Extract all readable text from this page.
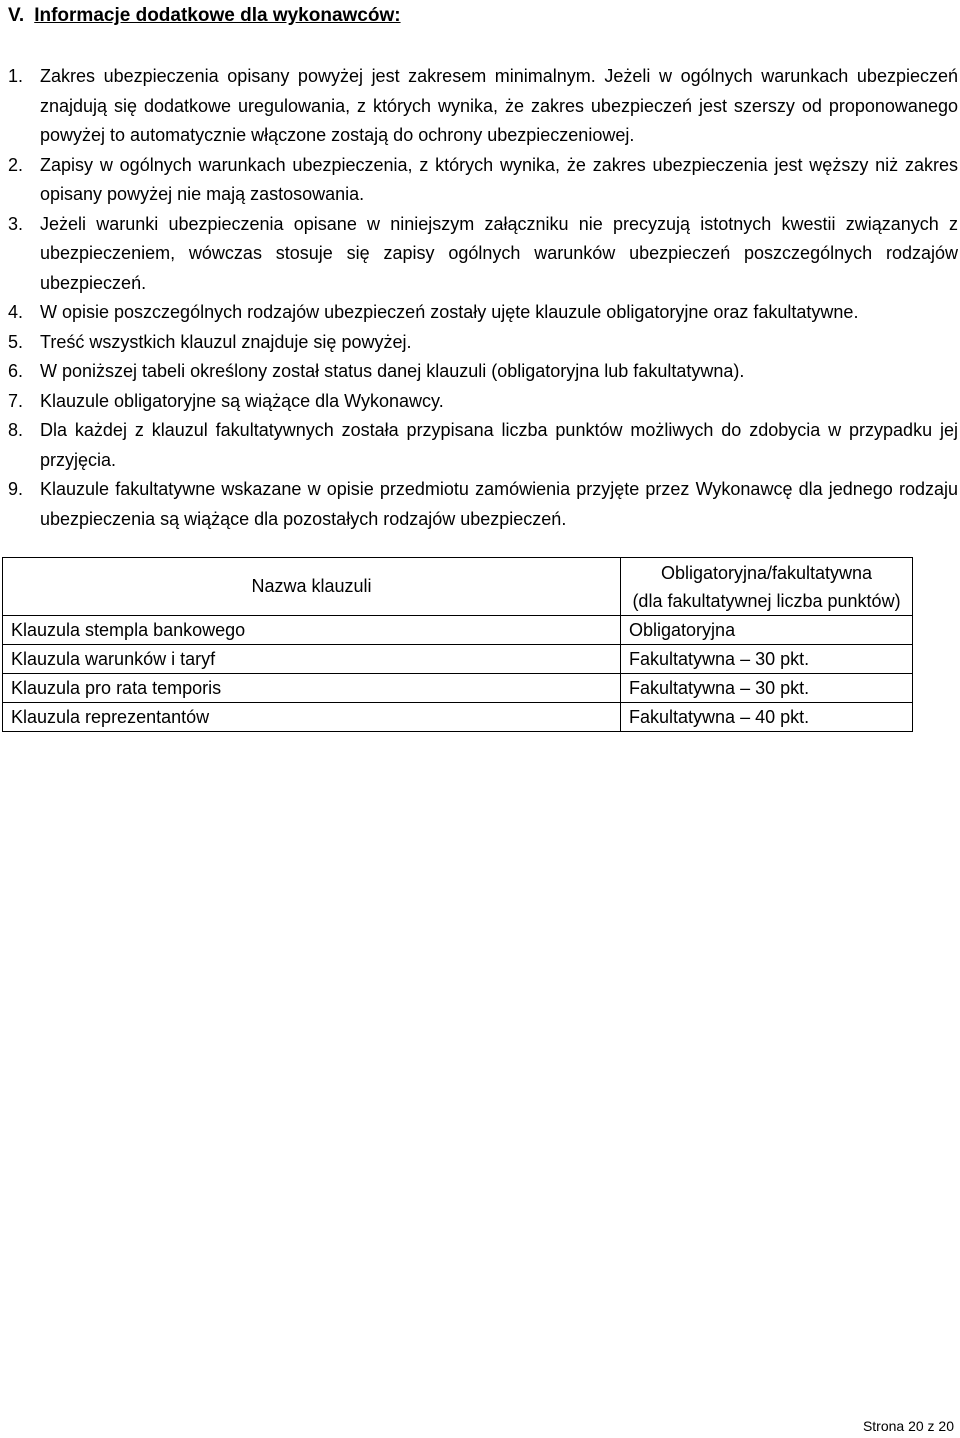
V. Informacje dodatkowe dla wykonawców:
1. Zakres ubezpieczenia opisany powyżej jest zakresem minimalnym. Jeżeli w ogólnych warunkach ubezpieczeń znajdują się dodatkowe uregulowania, z których wynika, że zakres ubezpieczeń jest szerszy od proponowanego powyżej to automatycznie włączone zostają do ochrony ubezpieczeniowej.
2. Zapisy w ogólnych warunkach ubezpieczenia, z których wynika, że zakres ubezpieczenia jest węższy niż zakres opisany powyżej nie mają zastosowania.
3. Jeżeli warunki ubezpieczenia opisane w niniejszym załączniku nie precyzują istotnych kwestii związanych z ubezpieczeniem, wówczas stosuje się zapisy ogólnych warunków ubezpieczeń poszczególnych rodzajów ubezpieczeń.
4. W opisie poszczególnych rodzajów ubezpieczeń zostały ujęte klauzule obligatoryjne oraz fakultatywne.
5. Treść wszystkich klauzul znajduje się powyżej.
6. W poniższej tabeli określony został status danej klauzuli (obligatoryjna lub fakultatywna).
7. Klauzule obligatoryjne są wiążące dla Wykonawcy.
8. Dla każdej z klauzul fakultatywnych została przypisana liczba punktów możliwych do zdobycia w przypadku jej przyjęcia.
9. Klauzule fakultatywne wskazane w opisie przedmiotu zamówienia przyjęte przez Wykonawcę dla jednego rodzaju ubezpieczenia są wiążące dla pozostałych rodzajów ubezpieczeń.
Nazwa klauzuli	Obligatoryjna/fakultatywna
(dla fakultatywnej liczba punktów)

Klauzula stempla bankowego	Obligatoryjna
Klauzula warunków i taryf	Fakultatywna – 30 pkt.
Klauzula pro rata temporis	Fakultatywna – 30 pkt.
Klauzula reprezentantów	Fakultatywna – 40 pkt.
Strona 20 z 20
